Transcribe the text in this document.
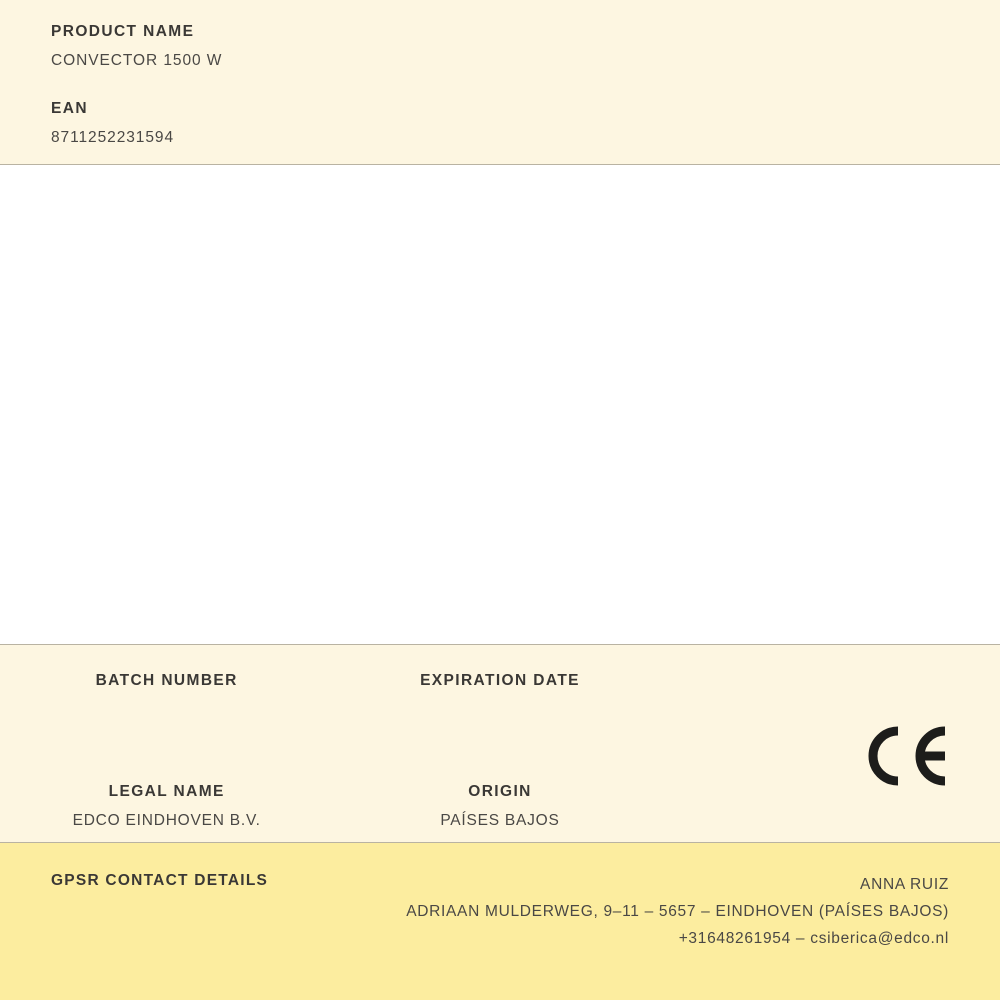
PRODUCT NAME
CONVECTOR 1500 W
EAN
8711252231594
BATCH NUMBER	EXPIRATION DATE
LEGAL NAME
EDCO EINDHOVEN B.V.
ORIGIN
PAÍSES BAJOS
GPSR CONTACT DETAILS	ANNA RUIZ
ADRIAAN MULDERWEG, 9–11 – 5657 – EINDHOVEN (PAÍSES BAJOS)
+31648261954 – csiberica@edco.nl
